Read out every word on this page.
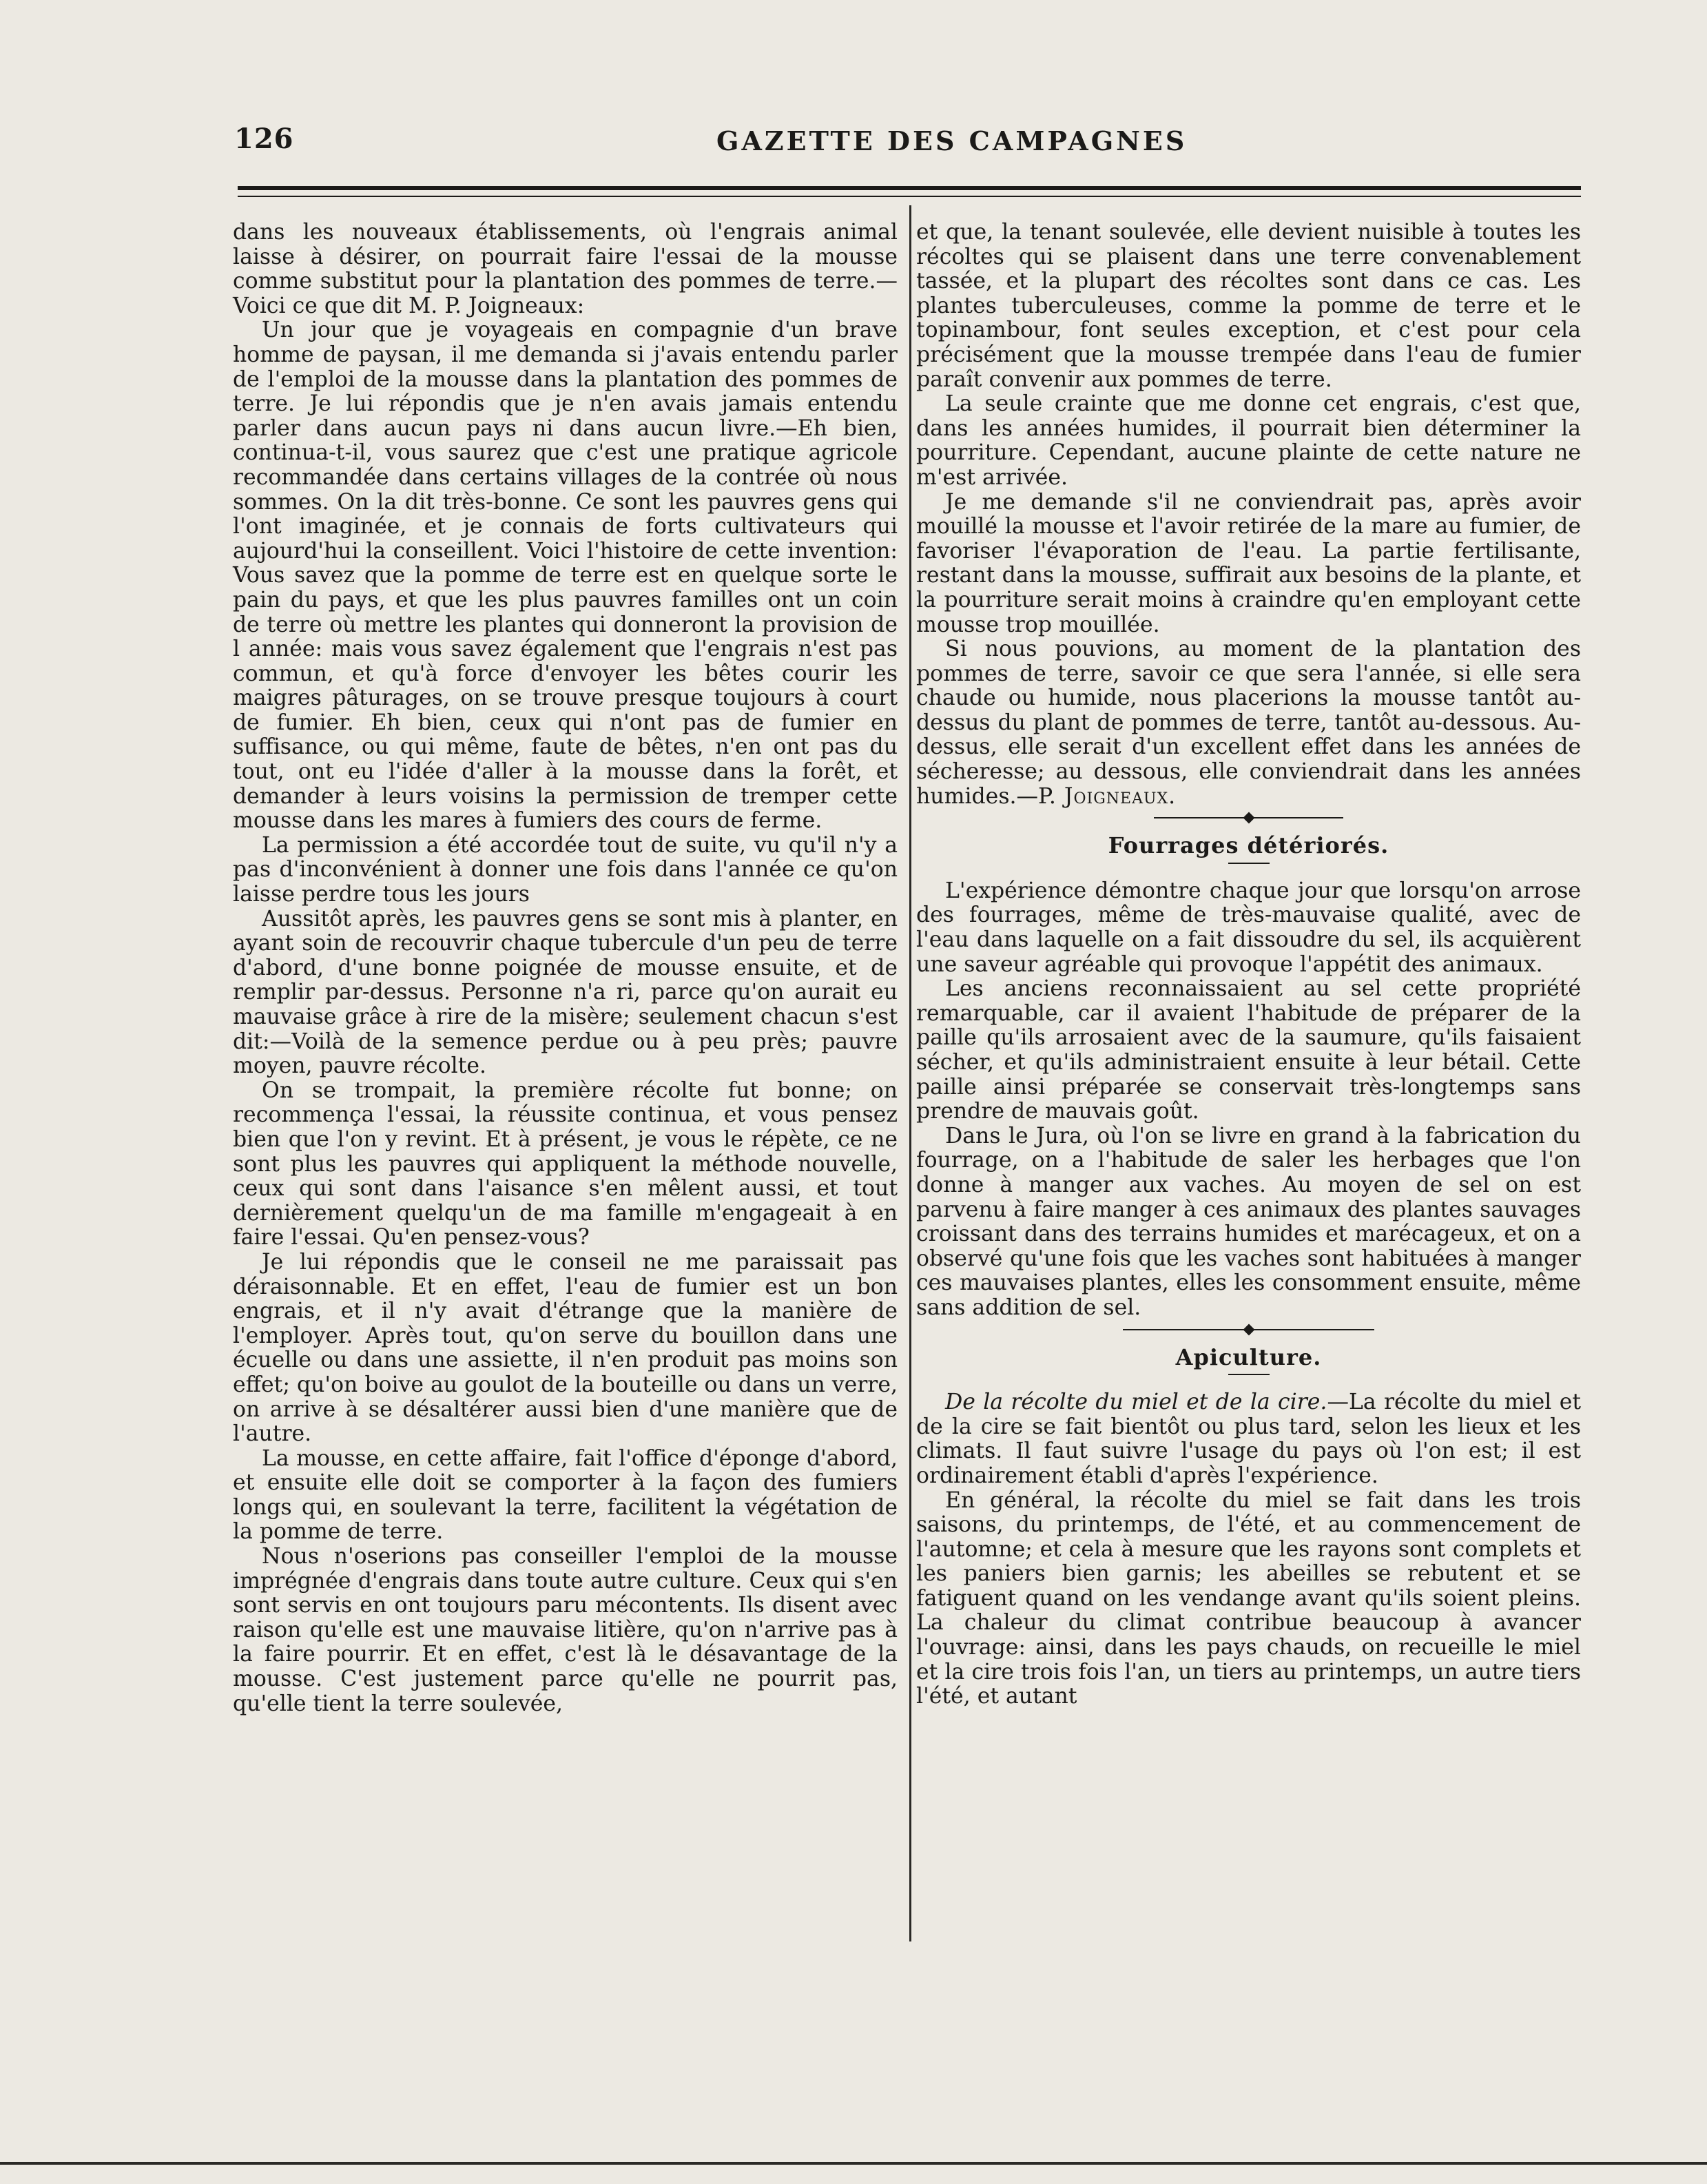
126	GAZETTE DES CAMPAGNES

dans les nouveaux établissements, où l'engrais animal laisse à désirer, on pourrait faire l'essai de la mousse comme substitut pour la plantation des pommes de terre.—Voici ce que dit M. P. Joigneaux:

Un jour que je voyageais en compagnie d'un brave homme de paysan, il me demanda si j'avais entendu parler de l'emploi de la mousse dans la plantation des pommes de terre. Je lui répondis que je n'en avais jamais entendu parler dans aucun pays ni dans aucun livre.—Eh bien, continua-t-il, vous saurez que c'est une pratique agricole recommandée dans certains villages de la contrée où nous sommes. On la dit très-bonne. Ce sont les pauvres gens qui l'ont imaginée, et je connais de forts cultivateurs qui aujourd'hui la conseillent. Voici l'histoire de cette invention: Vous savez que la pomme de terre est en quelque sorte le pain du pays, et que les plus pauvres familles ont un coin de terre où mettre les plantes qui donneront la provision de l année: mais vous savez également que l'engrais n'est pas commun, et qu'à force d'envoyer les bêtes courir les maigres pâturages, on se trouve presque toujours à court de fumier. Eh bien, ceux qui n'ont pas de fumier en suffisance, ou qui même, faute de bêtes, n'en ont pas du tout, ont eu l'idée d'aller à la mousse dans la forêt, et demander à leurs voisins la permission de tremper cette mousse dans les mares à fumiers des cours de ferme.

La permission a été accordée tout de suite, vu qu'il n'y a pas d'inconvénient à donner une fois dans l'année ce qu'on laisse perdre tous les jours

Aussitôt après, les pauvres gens se sont mis à planter, en ayant soin de recouvrir chaque tubercule d'un peu de terre d'abord, d'une bonne poignée de mousse ensuite, et de remplir par-dessus. Personne n'a ri, parce qu'on aurait eu mauvaise grâce à rire de la misère; seulement chacun s'est dit:—Voilà de la semence perdue ou à peu près; pauvre moyen, pauvre récolte.

On se trompait, la première récolte fut bonne; on recommença l'essai, la réussite continua, et vous pensez bien que l'on y revint. Et à présent, je vous le répète, ce ne sont plus les pauvres qui appliquent la méthode nouvelle, ceux qui sont dans l'aisance s'en mêlent aussi, et tout dernièrement quelqu'un de ma famille m'engageait à en faire l'essai. Qu'en pensez-vous?

Je lui répondis que le conseil ne me paraissait pas déraisonnable. Et en effet, l'eau de fumier est un bon engrais, et il n'y avait d'étrange que la manière de l'employer. Après tout, qu'on serve du bouillon dans une écuelle ou dans une assiette, il n'en produit pas moins son effet; qu'on boive au goulot de la bouteille ou dans un verre, on arrive à se désaltérer aussi bien d'une manière que de l'autre.

La mousse, en cette affaire, fait l'office d'éponge d'abord, et ensuite elle doit se comporter à la façon des fumiers longs qui, en soulevant la terre, facilitent la végétation de la pomme de terre.

Nous n'oserions pas conseiller l'emploi de la mousse imprégnée d'engrais dans toute autre culture. Ceux qui s'en sont servis en ont toujours paru mécontents. Ils disent avec raison qu'elle est une mauvaise litière, qu'on n'arrive pas à la faire pourrir. Et en effet, c'est là le désavantage de la mousse. C'est justement parce qu'elle ne pourrit pas, qu'elle tient la terre soulevée,

et que, la tenant soulevée, elle devient nuisible à toutes les récoltes qui se plaisent dans une terre convenablement tassée, et la plupart des récoltes sont dans ce cas. Les plantes tuberculeuses, comme la pomme de terre et le topinambour, font seules exception, et c'est pour cela précisément que la mousse trempée dans l'eau de fumier paraît convenir aux pommes de terre.

La seule crainte que me donne cet engrais, c'est que, dans les années humides, il pourrait bien déterminer la pourriture. Cependant, aucune plainte de cette nature ne m'est arrivée.

Je me demande s'il ne conviendrait pas, après avoir mouillé la mousse et l'avoir retirée de la mare au fumier, de favoriser l'évaporation de l'eau. La partie fertilisante, restant dans la mousse, suffirait aux besoins de la plante, et la pourriture serait moins à craindre qu'en employant cette mousse trop mouillée.

Si nous pouvions, au moment de la plantation des pommes de terre, savoir ce que sera l'année, si elle sera chaude ou humide, nous placerions la mousse tantôt au-dessus du plant de pommes de terre, tantôt au-dessous. Au-dessus, elle serait d'un excellent effet dans les années de sécheresse; au dessous, elle conviendrait dans les années humides.—P. Joigneaux.

Fourrages détériorés.

L'expérience démontre chaque jour que lorsqu'on arrose des fourrages, même de très-mauvaise qualité, avec de l'eau dans laquelle on a fait dissoudre du sel, ils acquièrent une saveur agréable qui provoque l'appétit des animaux.

Les anciens reconnaissaient au sel cette propriété remarquable, car il avaient l'habitude de préparer de la paille qu'ils arrosaient avec de la saumure, qu'ils faisaient sécher, et qu'ils administraient ensuite à leur bétail. Cette paille ainsi préparée se conservait très-longtemps sans prendre de mauvais goût.

Dans le Jura, où l'on se livre en grand à la fabrication du fourrage, on a l'habitude de saler les herbages que l'on donne à manger aux vaches. Au moyen de sel on est parvenu à faire manger à ces animaux des plantes sauvages croissant dans des terrains humides et marécageux, et on a observé qu'une fois que les vaches sont habituées à manger ces mauvaises plantes, elles les consomment ensuite, même sans addition de sel.

Apiculture.

De la récolte du miel et de la cire.—La récolte du miel et de la cire se fait bientôt ou plus tard, selon les lieux et les climats. Il faut suivre l'usage du pays où l'on est; il est ordinairement établi d'après l'expérience.

En général, la récolte du miel se fait dans les trois saisons, du printemps, de l'été, et au commencement de l'automne; et cela à mesure que les rayons sont complets et les paniers bien garnis; les abeilles se rebutent et se fatiguent quand on les vendange avant qu'ils soient pleins. La chaleur du climat contribue beaucoup à avancer l'ouvrage: ainsi, dans les pays chauds, on recueille le miel et la cire trois fois l'an, un tiers au printemps, un autre tiers l'été, et autant
